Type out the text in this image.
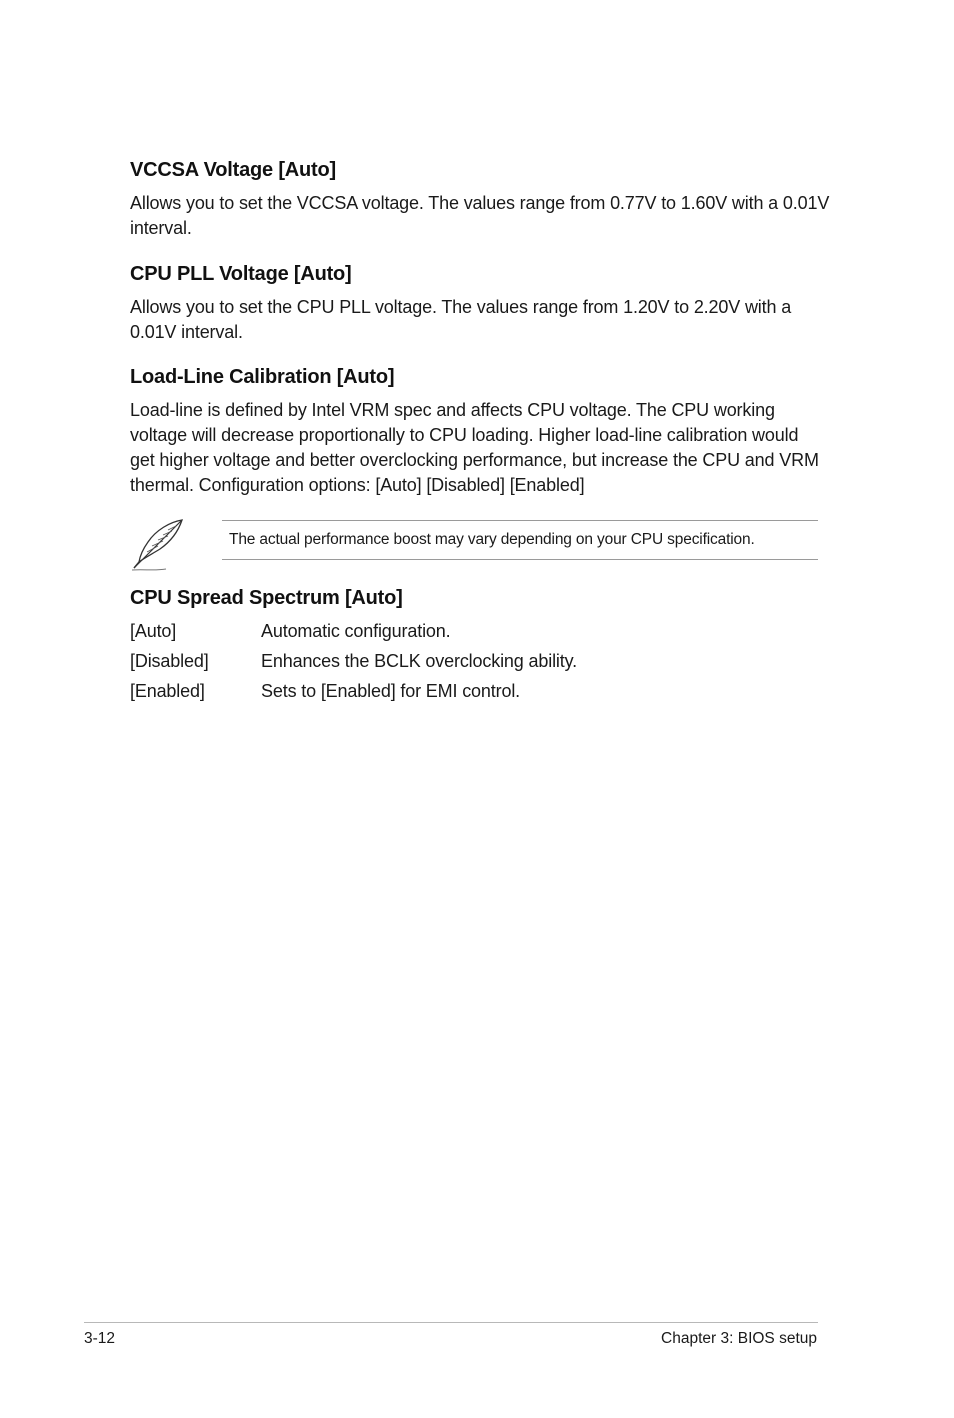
VCCSA Voltage [Auto]

Allows you to set the VCCSA voltage. The values range from 0.77V to 1.60V with a 0.01V interval.

CPU PLL Voltage [Auto]

Allows you to set the CPU PLL voltage. The values range from 1.20V to 2.20V with a 0.01V interval.

Load-Line Calibration [Auto]

Load-line is defined by Intel VRM spec and affects CPU voltage. The CPU working voltage will decrease proportionally to CPU loading. Higher load-line calibration would get higher voltage and better overclocking performance, but increase the CPU and VRM thermal. Configuration options: [Auto] [Disabled] [Enabled]

The actual performance boost may vary depending on your CPU specification.
CPU Spread Spectrum [Auto]
[Auto]	Automatic configuration.
[Disabled]	Enhances the BCLK overclocking ability.
[Enabled]	Sets to [Enabled] for EMI control.
3-12	Chapter 3: BIOS setup
